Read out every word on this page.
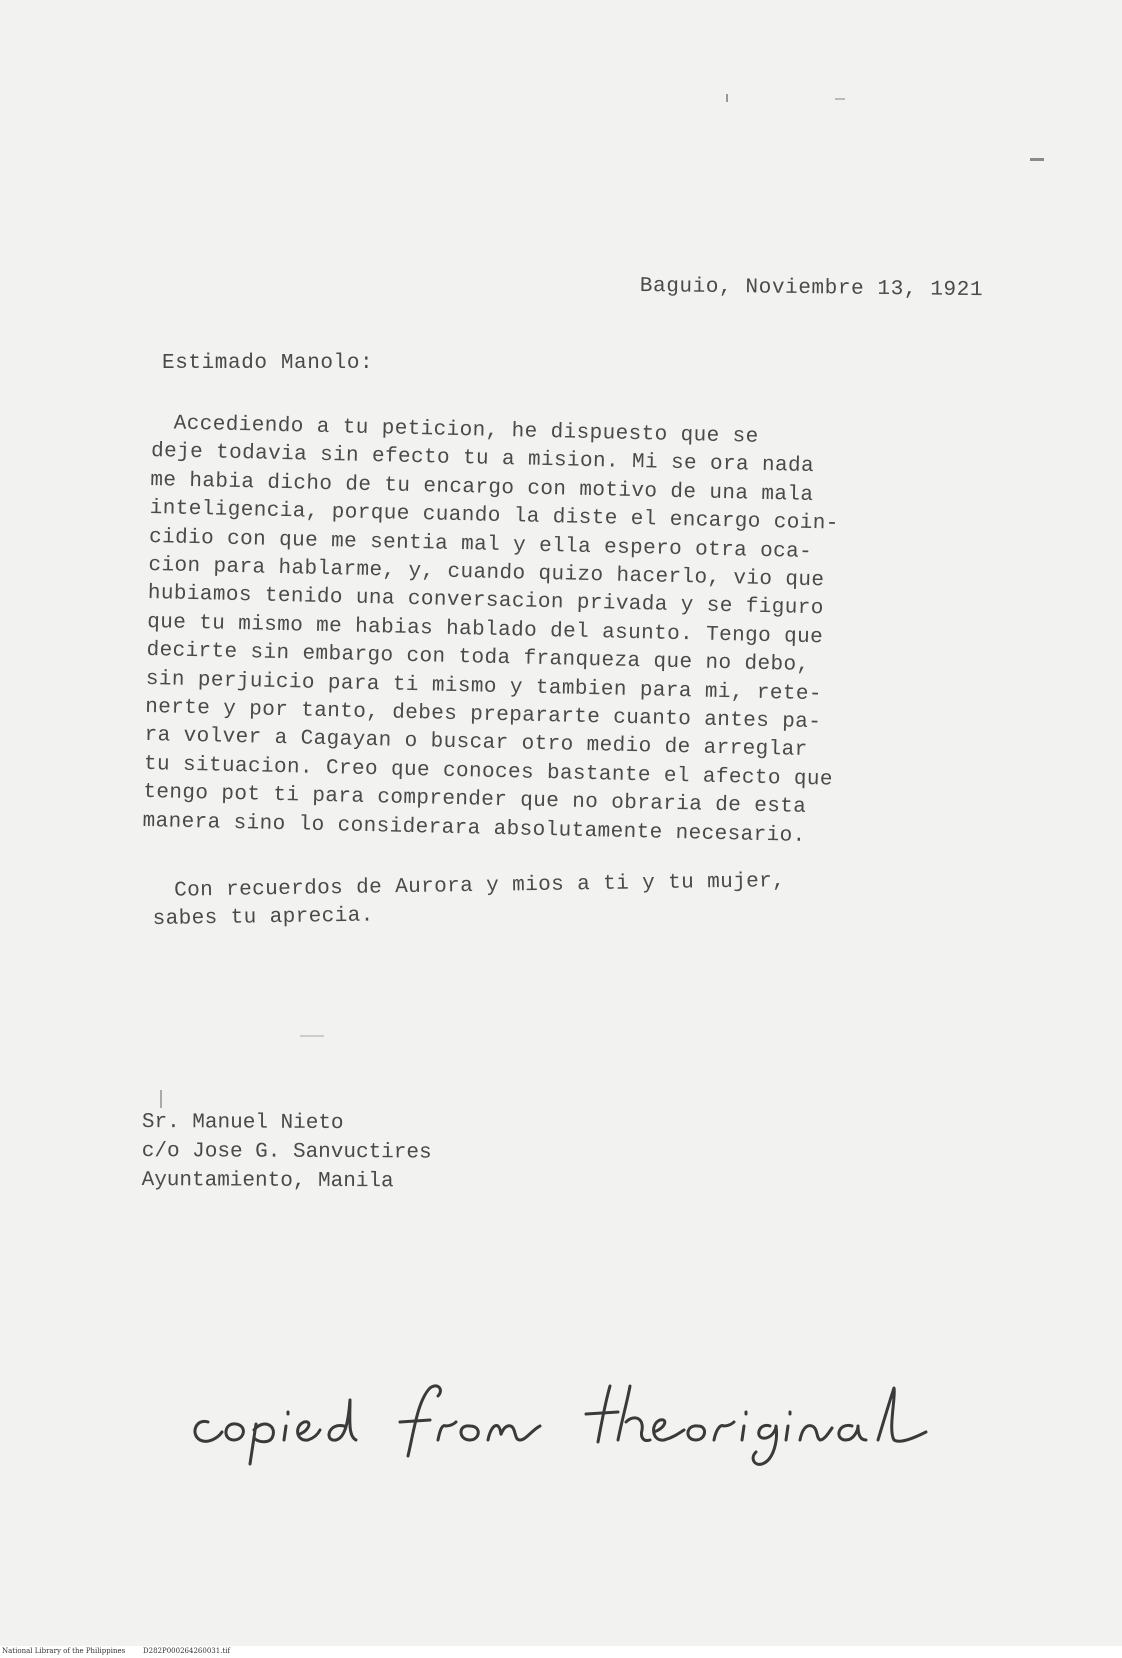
Baguio, Noviembre 13, 1921
Estimado Manolo:
Accediendo a tu peticion, he dispuesto que se
deje todavia sin efecto tu a mision. Mi se ora nada
me habia dicho de tu encargo con motivo de una mala
inteligencia, porque cuando la diste el encargo coin-
cidio con que me sentia mal y ella espero otra oca-
cion para hablarme, y, cuando quizo hacerlo, vio que
hubiamos tenido una conversacion privada y se figuro
que tu mismo me habias hablado del asunto. Tengo que
decirte sin embargo con toda franqueza que no debo,
sin perjuicio para ti mismo y tambien para mi, rete-
nerte y por tanto, debes prepararte cuanto antes pa-
ra volver a Cagayan o buscar otro medio de arreglar
tu situacion. Creo que conoces bastante el afecto que
tengo pot ti para comprender que no obraria de esta
manera sino lo considerara absolutamente necesario.
Con recuerdos de Aurora y mios a ti y tu mujer,
sabes tu aprecia.
Sr. Manuel Nieto
c/o Jose G. Sanvuctires
Ayuntamiento, Manila
National Library of the Philippines	D282P000264260031.tif
